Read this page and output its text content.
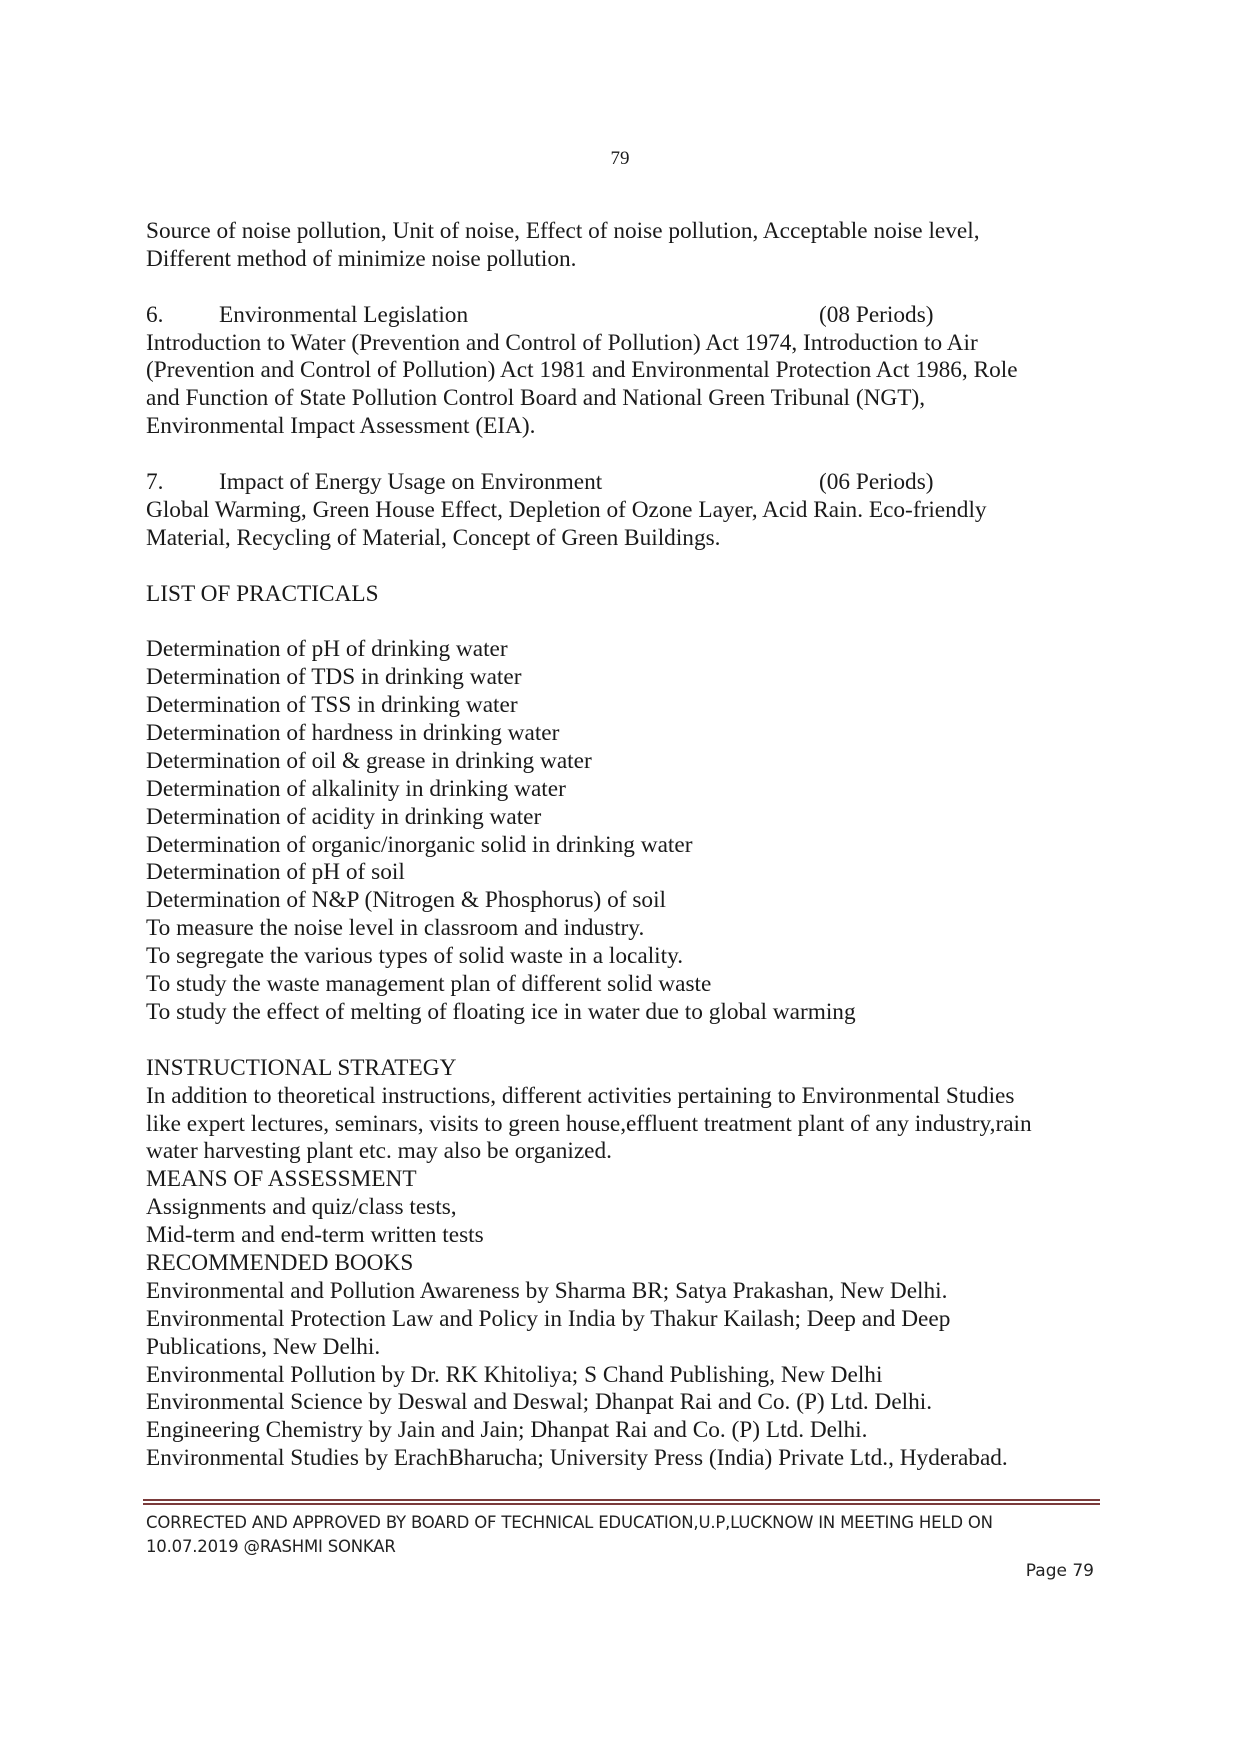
79
Source of noise pollution, Unit of noise, Effect of noise pollution, Acceptable noise level,
Different method of minimize noise pollution.
6. Environmental Legislation	(08 Periods)
Introduction to Water (Prevention and Control of Pollution) Act 1974, Introduction to Air
(Prevention and Control of Pollution) Act 1981 and Environmental Protection Act 1986, Role
and Function of State Pollution Control Board and National Green Tribunal (NGT),
Environmental Impact Assessment (EIA).
7. Impact of Energy Usage on Environment	(06 Periods)
Global Warming, Green House Effect, Depletion of Ozone Layer, Acid Rain. Eco-friendly
Material, Recycling of Material, Concept of Green Buildings.
LIST OF PRACTICALS
Determination of pH of drinking water
Determination of TDS in drinking water
Determination of TSS in drinking water
Determination of hardness in drinking water
Determination of oil & grease in drinking water
Determination of alkalinity in drinking water
Determination of acidity in drinking water
Determination of organic/inorganic solid in drinking water
Determination of pH of soil
Determination of N&P (Nitrogen & Phosphorus) of soil
To measure the noise level in classroom and industry.
To segregate the various types of solid waste in a locality.
To study the waste management plan of different solid waste
To study the effect of melting of floating ice in water due to global warming
INSTRUCTIONAL STRATEGY
In addition to theoretical instructions, different activities pertaining to Environmental Studies
like expert lectures, seminars, visits to green house,effluent treatment plant of any industry,rain
water harvesting plant etc. may also be organized.
MEANS OF ASSESSMENT
Assignments and quiz/class tests,
Mid-term and end-term written tests
RECOMMENDED BOOKS
Environmental and Pollution Awareness by Sharma BR; Satya Prakashan, New Delhi.
Environmental Protection Law and Policy in India by Thakur Kailash; Deep and Deep
Publications, New Delhi.
Environmental Pollution by Dr. RK Khitoliya; S Chand Publishing, New Delhi
Environmental Science by Deswal and Deswal; Dhanpat Rai and Co. (P) Ltd. Delhi.
Engineering Chemistry by Jain and Jain; Dhanpat Rai and Co. (P) Ltd. Delhi.
Environmental Studies by ErachBharucha; University Press (India) Private Ltd., Hyderabad.
CORRECTED AND APPROVED BY BOARD OF TECHNICAL EDUCATION,U.P,LUCKNOW IN MEETING HELD ON
10.07.2019 @RASHMI SONKAR
Page 79
